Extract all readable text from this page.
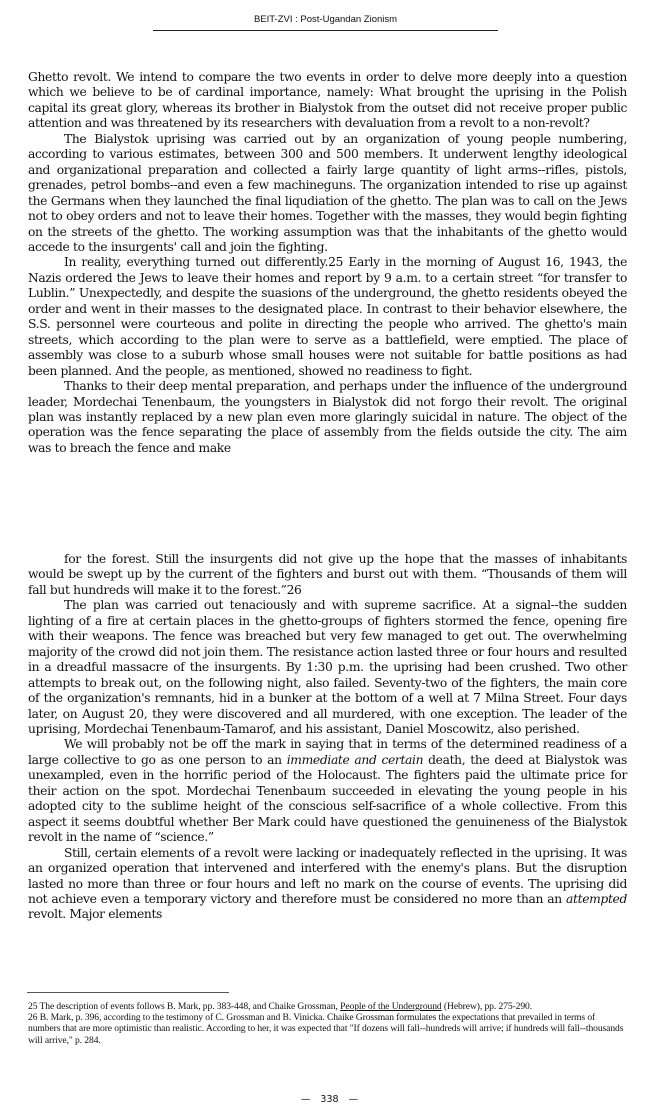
BEIT-ZVI : Post-Ugandan Zionism

Ghetto revolt. We intend to compare the two events in order to delve more deeply into a question which we believe to be of cardinal importance, namely: What brought the uprising in the Polish capital its great glory, whereas its brother in Bialystok from the outset did not receive proper public attention and was threatened by its researchers with devaluation from a revolt to a non-revolt?

The Bialystok uprising was carried out by an organization of young people numbering, according to various estimates, between 300 and 500 members. It underwent lengthy ideological and organizational preparation and collected a fairly large quantity of light arms--rifles, pistols, grenades, petrol bombs--and even a few machineguns. The organization intended to rise up against the Germans when they launched the final liqudiation of the ghetto. The plan was to call on the Jews not to obey orders and not to leave their homes. Together with the masses, they would begin fighting on the streets of the ghetto. The working assumption was that the inhabitants of the ghetto would accede to the insurgents' call and join the fighting.

In reality, everything turned out differently.25 Early in the morning of August 16, 1943, the Nazis ordered the Jews to leave their homes and report by 9 a.m. to a certain street “for transfer to Lublin.” Unexpectedly, and despite the suasions of the underground, the ghetto residents obeyed the order and went in their masses to the designated place. In contrast to their behavior elsewhere, the S.S. personnel were courteous and polite in directing the people who arrived. The ghetto's main streets, which according to the plan were to serve as a battlefield, were emptied. The place of assembly was close to a suburb whose small houses were not suitable for battle positions as had been planned. And the people, as mentioned, showed no readiness to fight.

Thanks to their deep mental preparation, and perhaps under the influence of the underground leader, Mordechai Tenenbaum, the youngsters in Bialystok did not forgo their revolt. The original plan was instantly replaced by a new plan even more glaringly suicidal in nature. The object of the operation was the fence separating the place of assembly from the fields outside the city. The aim was to breach the fence and make

for the forest. Still the insurgents did not give up the hope that the masses of inhabitants would be swept up by the current of the fighters and burst out with them. “Thousands of them will fall but hundreds will make it to the forest.”26

The plan was carried out tenaciously and with supreme sacrifice. At a signal--the sudden lighting of a fire at certain places in the ghetto-groups of fighters stormed the fence, opening fire with their weapons. The fence was breached but very few managed to get out. The overwhelming majority of the crowd did not join them. The resistance action lasted three or four hours and resulted in a dreadful massacre of the insurgents. By 1:30 p.m. the uprising had been crushed. Two other attempts to break out, on the following night, also failed. Seventy-two of the fighters, the main core of the organization's remnants, hid in a bunker at the bottom of a well at 7 Milna Street. Four days later, on August 20, they were discovered and all murdered, with one exception. The leader of the uprising, Mordechai Tenenbaum-Tamarof, and his assistant, Daniel Moscowitz, also perished.

We will probably not be off the mark in saying that in terms of the determined readiness of a large collective to go as one person to an immediate and certain death, the deed at Bialystok was unexampled, even in the horrific period of the Holocaust. The fighters paid the ultimate price for their action on the spot. Mordechai Tenenbaum succeeded in elevating the young people in his adopted city to the sublime height of the conscious self-sacrifice of a whole collective. From this aspect it seems doubtful whether Ber Mark could have questioned the genuineness of the Bialystok revolt in the name of “science.”

Still, certain elements of a revolt were lacking or inadequately reflected in the uprising. It was an organized operation that intervened and interfered with the enemy's plans. But the disruption lasted no more than three or four hours and left no mark on the course of events. The uprising did not achieve even a temporary victory and therefore must be considered no more than an attempted revolt. Major elements

25 The description of events follows B. Mark, pp. 383-448, and Chaike Grossman, People of the Underground (Hebrew), pp. 275-290.

26 B. Mark, p. 396, according to the testimony of C. Grossman and B. Vinicka. Chaike Grossman formulates the expectations that prevailed in terms of numbers that are more optimistic than realistic. According to her, it was expected that "If dozens will fall--hundreds will arrive; if hundreds will fall--thousands will arrive," p. 284.

— 338 —
